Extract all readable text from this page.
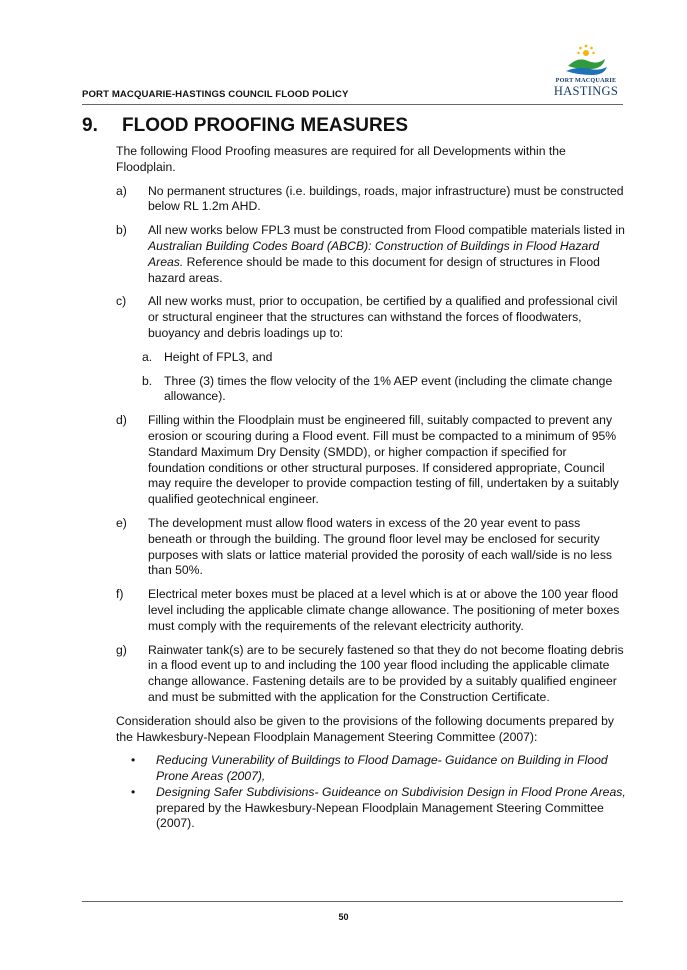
PORT MACQUARIE-HASTINGS COUNCIL FLOOD POLICY
PORT MACQUARIE
HASTINGS
9. FLOOD PROOFING MEASURES

The following Flood Proofing measures are required for all Developments within the Floodplain.

a) No permanent structures (i.e. buildings, roads, major infrastructure) must be constructed below RL 1.2m AHD.
b) All new works below FPL3 must be constructed from Flood compatible materials listed in Australian Building Codes Board (ABCB): Construction of Buildings in Flood Hazard Areas. Reference should be made to this document for design of structures in Flood hazard areas.
c) All new works must, prior to occupation, be certified by a qualified and professional civil or structural engineer that the structures can withstand the forces of floodwaters, buoyancy and debris loadings up to:
a. Height of FPL3, and
b. Three (3) times the flow velocity of the 1% AEP event (including the climate change allowance).
d) Filling within the Floodplain must be engineered fill, suitably compacted to prevent any erosion or scouring during a Flood event. Fill must be compacted to a minimum of 95% Standard Maximum Dry Density (SMDD), or higher compaction if specified for foundation conditions or other structural purposes. If considered appropriate, Council may require the developer to provide compaction testing of fill, undertaken by a suitably qualified geotechnical engineer.
e) The development must allow flood waters in excess of the 20 year event to pass beneath or through the building. The ground floor level may be enclosed for security purposes with slats or lattice material provided the porosity of each wall/side is no less than 50%.
f) Electrical meter boxes must be placed at a level which is at or above the 100 year flood level including the applicable climate change allowance. The positioning of meter boxes must comply with the requirements of the relevant electricity authority.
g) Rainwater tank(s) are to be securely fastened so that they do not become floating debris in a flood event up to and including the 100 year flood including the applicable climate change allowance. Fastening details are to be provided by a suitably qualified engineer and must be submitted with the application for the Construction Certificate.

Consideration should also be given to the provisions of the following documents prepared by the Hawkesbury-Nepean Floodplain Management Steering Committee (2007):

• Reducing Vunerability of Buildings to Flood Damage- Guidance on Building in Flood Prone Areas (2007),
• Designing Safer Subdivisions- Guideance on Subdivision Design in Flood Prone Areas, prepared by the Hawkesbury-Nepean Floodplain Management Steering Committee (2007).
50
